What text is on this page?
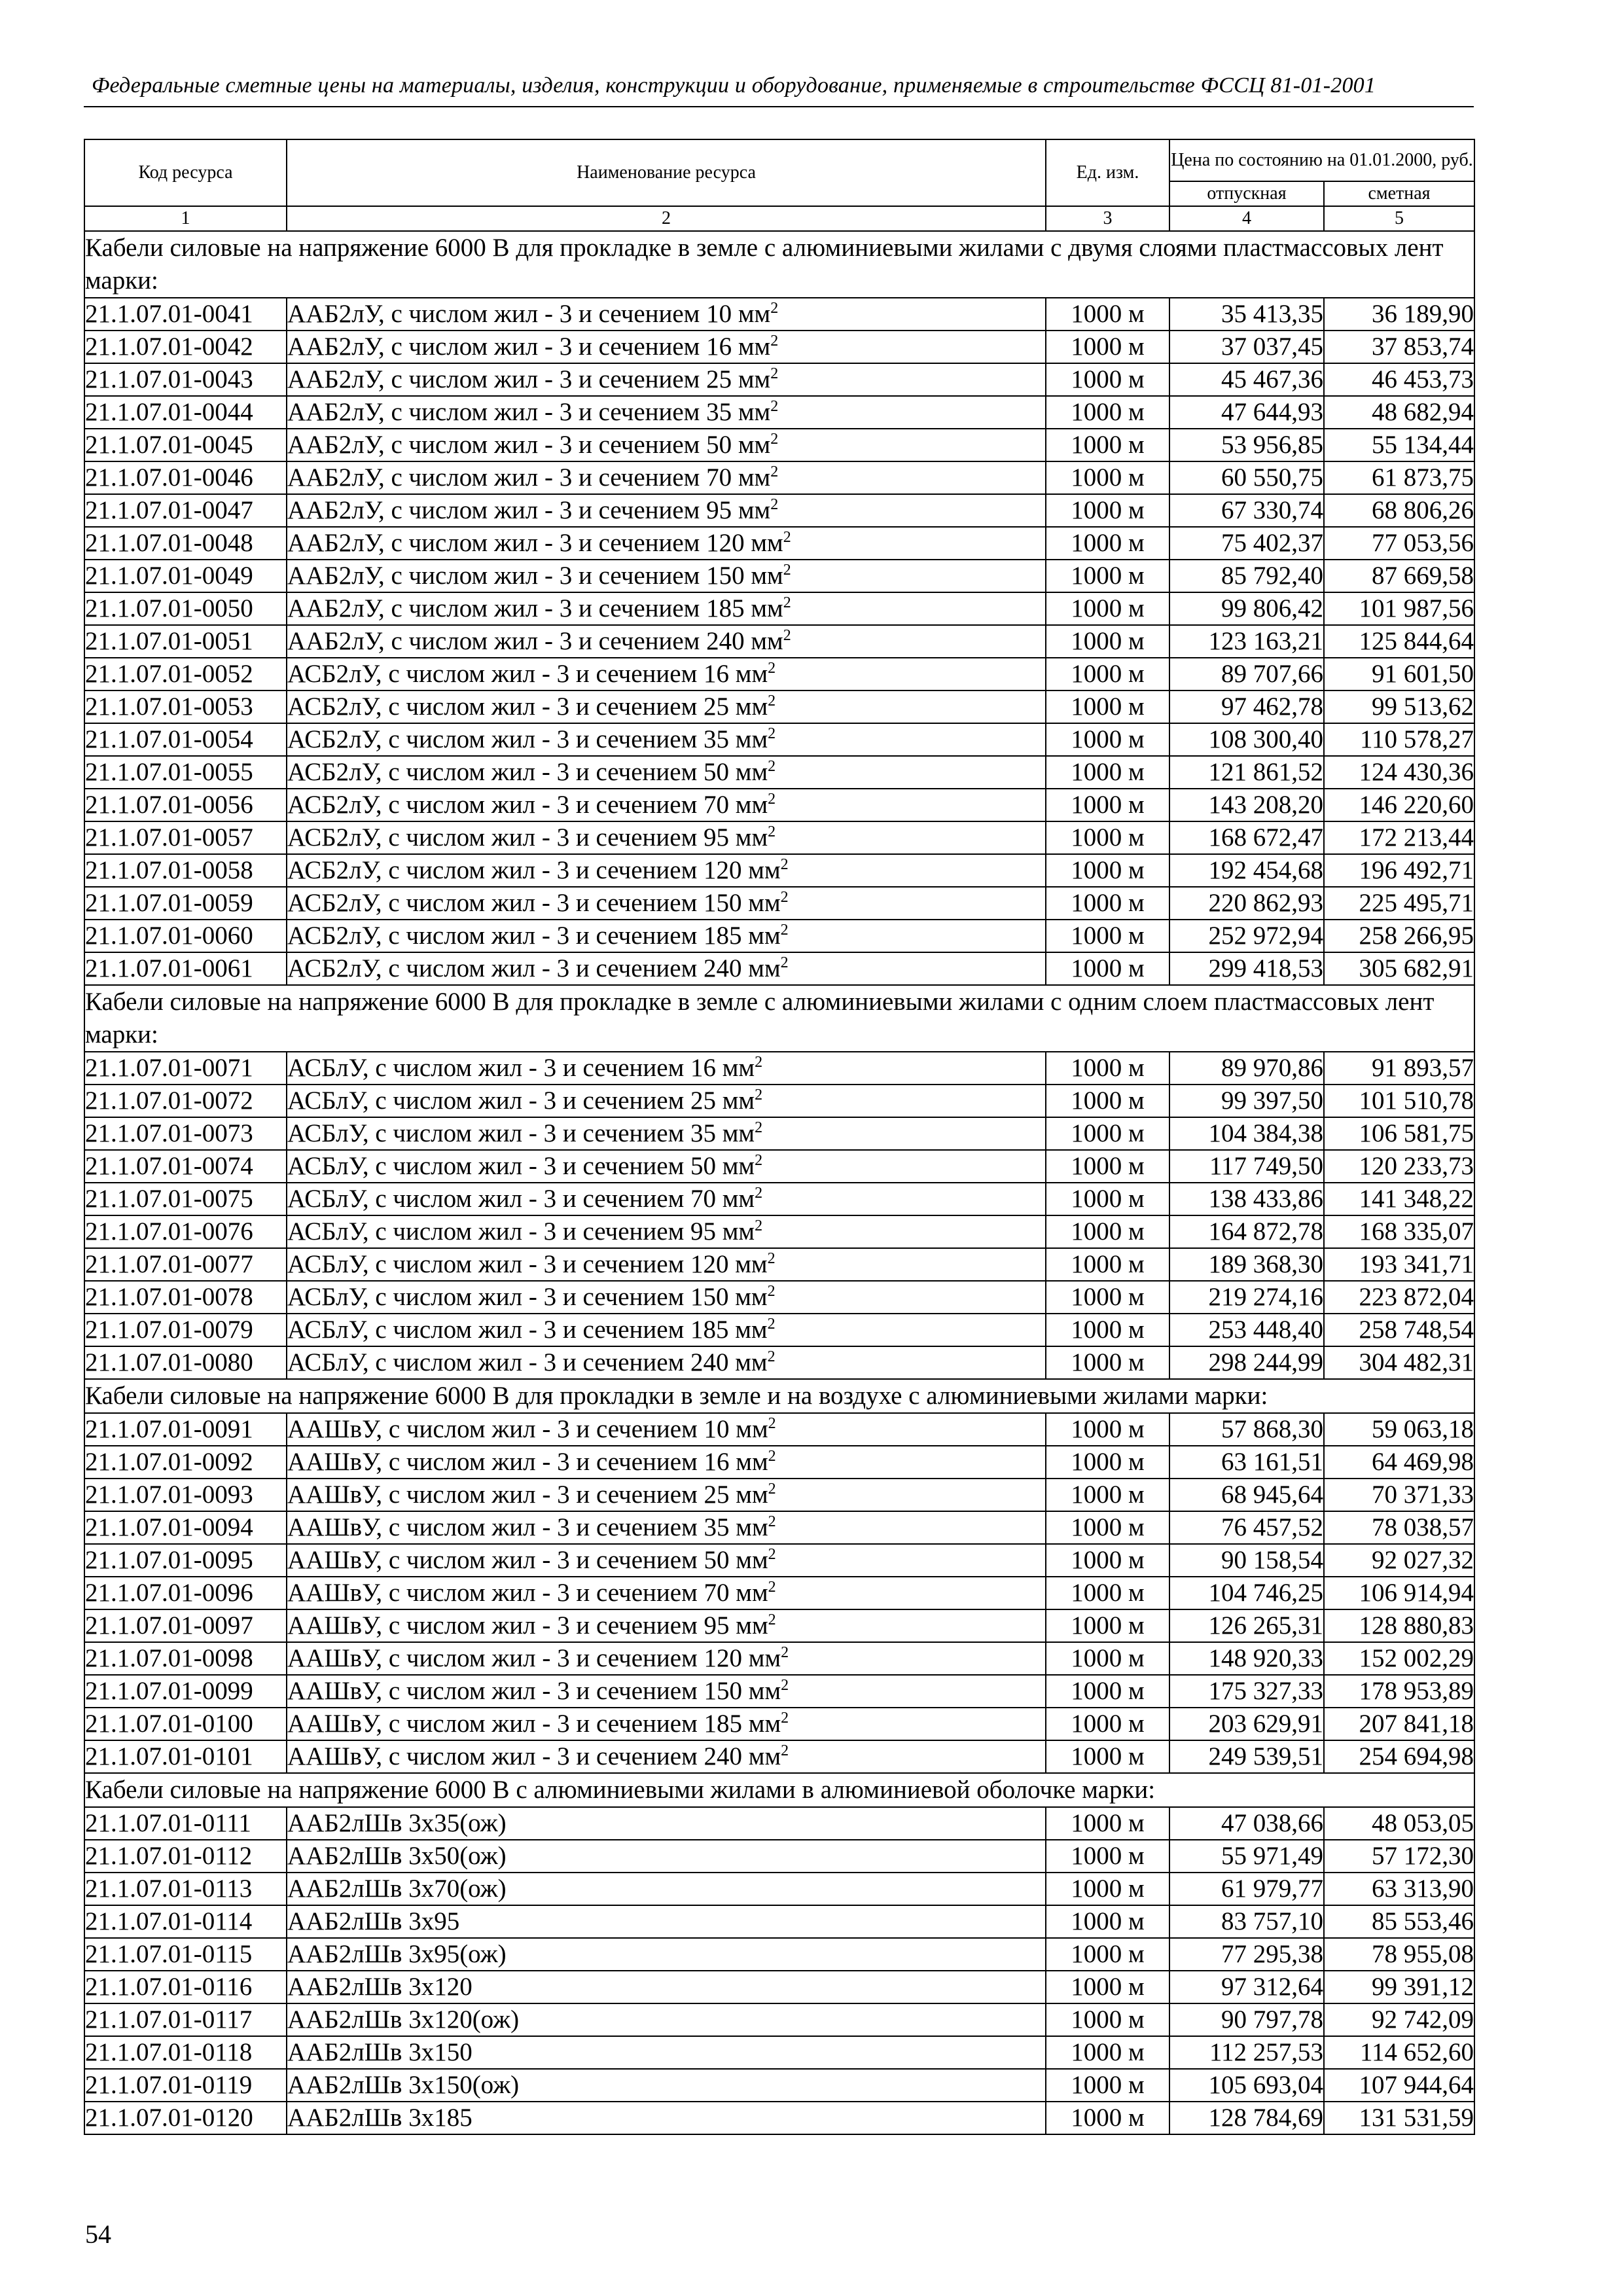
Федеральные сметные цены на материалы, изделия, конструкции и оборудование, применяемые в строительстве ФССЦ 81-01-2001
Код ресурса	Наименование ресурса	Ед. изм.	Цена по состоянию на 01.01.2000, руб.	
			отпускная	сметная
1	2	3	4	5
Кабели силовые на напряжение 6000 В для прокладке в земле с алюминиевыми жилами с двумя слоями пластмассовых лент марки:				
21.1.07.01-0041	ААБ2лУ, с числом жил - 3 и сечением 10 $мм^2$	1000 м	35 413,35	36 189,90
21.1.07.01-0042	ААБ2лУ, с числом жил - 3 и сечением 16 $мм^2$	1000 м	37 037,45	37 853,74
21.1.07.01-0043	ААБ2лУ, с числом жил - 3 и сечением 25 $мм^2$	1000 м	45 467,36	46 453,73
21.1.07.01-0044	ААБ2лУ, с числом жил - 3 и сечением 35 $мм^2$	1000 м	47 644,93	48 682,94
21.1.07.01-0045	ААБ2лУ, с числом жил - 3 и сечением 50 $мм^2$	1000 м	53 956,85	55 134,44
21.1.07.01-0046	ААБ2лУ, с числом жил - 3 и сечением 70 $мм^2$	1000 м	60 550,75	61 873,75
21.1.07.01-0047	ААБ2лУ, с числом жил - 3 и сечением 95 $мм^2$	1000 м	67 330,74	68 806,26
21.1.07.01-0048	ААБ2лУ, с числом жил - 3 и сечением 120 $мм^2$	1000 м	75 402,37	77 053,56
21.1.07.01-0049	ААБ2лУ, с числом жил - 3 и сечением 150 $мм^2$	1000 м	85 792,40	87 669,58
21.1.07.01-0050	ААБ2лУ, с числом жил - 3 и сечением 185 $мм^2$	1000 м	99 806,42	101 987,56
21.1.07.01-0051	ААБ2лУ, с числом жил - 3 и сечением 240 $мм^2$	1000 м	123 163,21	125 844,64
21.1.07.01-0052	АСБ2лУ, с числом жил - 3 и сечением 16 $мм^2$	1000 м	89 707,66	91 601,50
21.1.07.01-0053	АСБ2лУ, с числом жил - 3 и сечением 25 $мм^2$	1000 м	97 462,78	99 513,62
21.1.07.01-0054	АСБ2лУ, с числом жил - 3 и сечением 35 $мм^2$	1000 м	108 300,40	110 578,27
21.1.07.01-0055	АСБ2лУ, с числом жил - 3 и сечением 50 $мм^2$	1000 м	121 861,52	124 430,36
21.1.07.01-0056	АСБ2лУ, с числом жил - 3 и сечением 70 $мм^2$	1000 м	143 208,20	146 220,60
21.1.07.01-0057	АСБ2лУ, с числом жил - 3 и сечением 95 $мм^2$	1000 м	168 672,47	172 213,44
21.1.07.01-0058	АСБ2лУ, с числом жил - 3 и сечением 120 $мм^2$	1000 м	192 454,68	196 492,71
21.1.07.01-0059	АСБ2лУ, с числом жил - 3 и сечением 150 $мм^2$	1000 м	220 862,93	225 495,71
21.1.07.01-0060	АСБ2лУ, с числом жил - 3 и сечением 185 $мм^2$	1000 м	252 972,94	258 266,95
21.1.07.01-0061	АСБ2лУ, с числом жил - 3 и сечением 240 $мм^2$	1000 м	299 418,53	305 682,91
Кабели силовые на напряжение 6000 В для прокладке в земле с алюминиевыми жилами с одним слоем пластмассовых лент марки:				
21.1.07.01-0071	АСБлУ, с числом жил - 3 и сечением 16 $мм^2$	1000 м	89 970,86	91 893,57
21.1.07.01-0072	АСБлУ, с числом жил - 3 и сечением 25 $мм^2$	1000 м	99 397,50	101 510,78
21.1.07.01-0073	АСБлУ, с числом жил - 3 и сечением 35 $мм^2$	1000 м	104 384,38	106 581,75
21.1.07.01-0074	АСБлУ, с числом жил - 3 и сечением 50 $мм^2$	1000 м	117 749,50	120 233,73
21.1.07.01-0075	АСБлУ, с числом жил - 3 и сечением 70 $мм^2$	1000 м	138 433,86	141 348,22
21.1.07.01-0076	АСБлУ, с числом жил - 3 и сечением 95 $мм^2$	1000 м	164 872,78	168 335,07
21.1.07.01-0077	АСБлУ, с числом жил - 3 и сечением 120 $мм^2$	1000 м	189 368,30	193 341,71
21.1.07.01-0078	АСБлУ, с числом жил - 3 и сечением 150 $мм^2$	1000 м	219 274,16	223 872,04
21.1.07.01-0079	АСБлУ, с числом жил - 3 и сечением 185 $мм^2$	1000 м	253 448,40	258 748,54
21.1.07.01-0080	АСБлУ, с числом жил - 3 и сечением 240 $мм^2$	1000 м	298 244,99	304 482,31
Кабели силовые на напряжение 6000 В для прокладки в земле и на воздухе с алюминиевыми жилами марки:				
21.1.07.01-0091	ААШвУ, с числом жил - 3 и сечением 10 $мм^2$	1000 м	57 868,30	59 063,18
21.1.07.01-0092	ААШвУ, с числом жил - 3 и сечением 16 $мм^2$	1000 м	63 161,51	64 469,98
21.1.07.01-0093	ААШвУ, с числом жил - 3 и сечением 25 $мм^2$	1000 м	68 945,64	70 371,33
21.1.07.01-0094	ААШвУ, с числом жил - 3 и сечением 35 $мм^2$	1000 м	76 457,52	78 038,57
21.1.07.01-0095	ААШвУ, с числом жил - 3 и сечением 50 $мм^2$	1000 м	90 158,54	92 027,32
21.1.07.01-0096	ААШвУ, с числом жил - 3 и сечением 70 $мм^2$	1000 м	104 746,25	106 914,94
21.1.07.01-0097	ААШвУ, с числом жил - 3 и сечением 95 $мм^2$	1000 м	126 265,31	128 880,83
21.1.07.01-0098	ААШвУ, с числом жил - 3 и сечением 120 $мм^2$	1000 м	148 920,33	152 002,29
21.1.07.01-0099	ААШвУ, с числом жил - 3 и сечением 150 $мм^2$	1000 м	175 327,33	178 953,89
21.1.07.01-0100	ААШвУ, с числом жил - 3 и сечением 185 $мм^2$	1000 м	203 629,91	207 841,18
21.1.07.01-0101	ААШвУ, с числом жил - 3 и сечением 240 $мм^2$	1000 м	249 539,51	254 694,98
Кабели силовые на напряжение 6000 В с алюминиевыми жилами в алюминиевой оболочке марки:				
21.1.07.01-0111	ААБ2лШв 3х35(ож)	1000 м	47 038,66	48 053,05
21.1.07.01-0112	ААБ2лШв 3х50(ож)	1000 м	55 971,49	57 172,30
21.1.07.01-0113	ААБ2лШв 3х70(ож)	1000 м	61 979,77	63 313,90
21.1.07.01-0114	ААБ2лШв 3х95	1000 м	83 757,10	85 553,46
21.1.07.01-0115	ААБ2лШв 3х95(ож)	1000 м	77 295,38	78 955,08
21.1.07.01-0116	ААБ2лШв 3х120	1000 м	97 312,64	99 391,12
21.1.07.01-0117	ААБ2лШв 3х120(ож)	1000 м	90 797,78	92 742,09
21.1.07.01-0118	ААБ2лШв 3х150	1000 м	112 257,53	114 652,60
21.1.07.01-0119	ААБ2лШв 3х150(ож)	1000 м	105 693,04	107 944,64
21.1.07.01-0120	ААБ2лШв 3х185	1000 м	128 784,69	131 531,59
54
